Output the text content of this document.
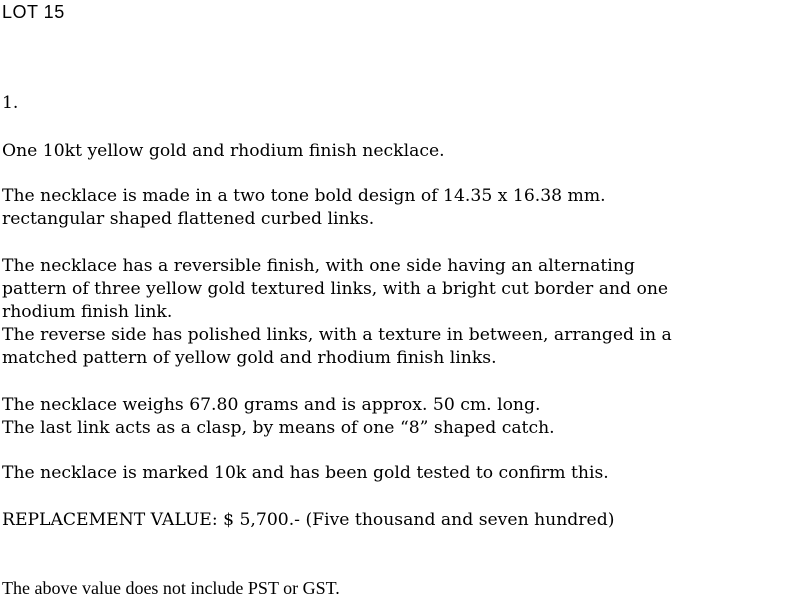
LOT 15

1.

One 10kt yellow gold and rhodium finish necklace.

The necklace is made in a two tone bold design of 14.35 x 16.38 mm.

rectangular shaped flattened curbed links.

The necklace has a reversible finish, with one side having an alternating

pattern of three yellow gold textured links, with a bright cut border and one

rhodium finish link.

The reverse side has polished links, with a texture in between, arranged in a

matched pattern of yellow gold and rhodium finish links.

The necklace weighs 67.80 grams and is approx. 50 cm. long.

The last link acts as a clasp, by means of one “8” shaped catch.

The necklace is marked 10k and has been gold tested to confirm this.

REPLACEMENT VALUE: $ 5,700.- (Five thousand and seven hundred)

The above value does not include PST or GST.
